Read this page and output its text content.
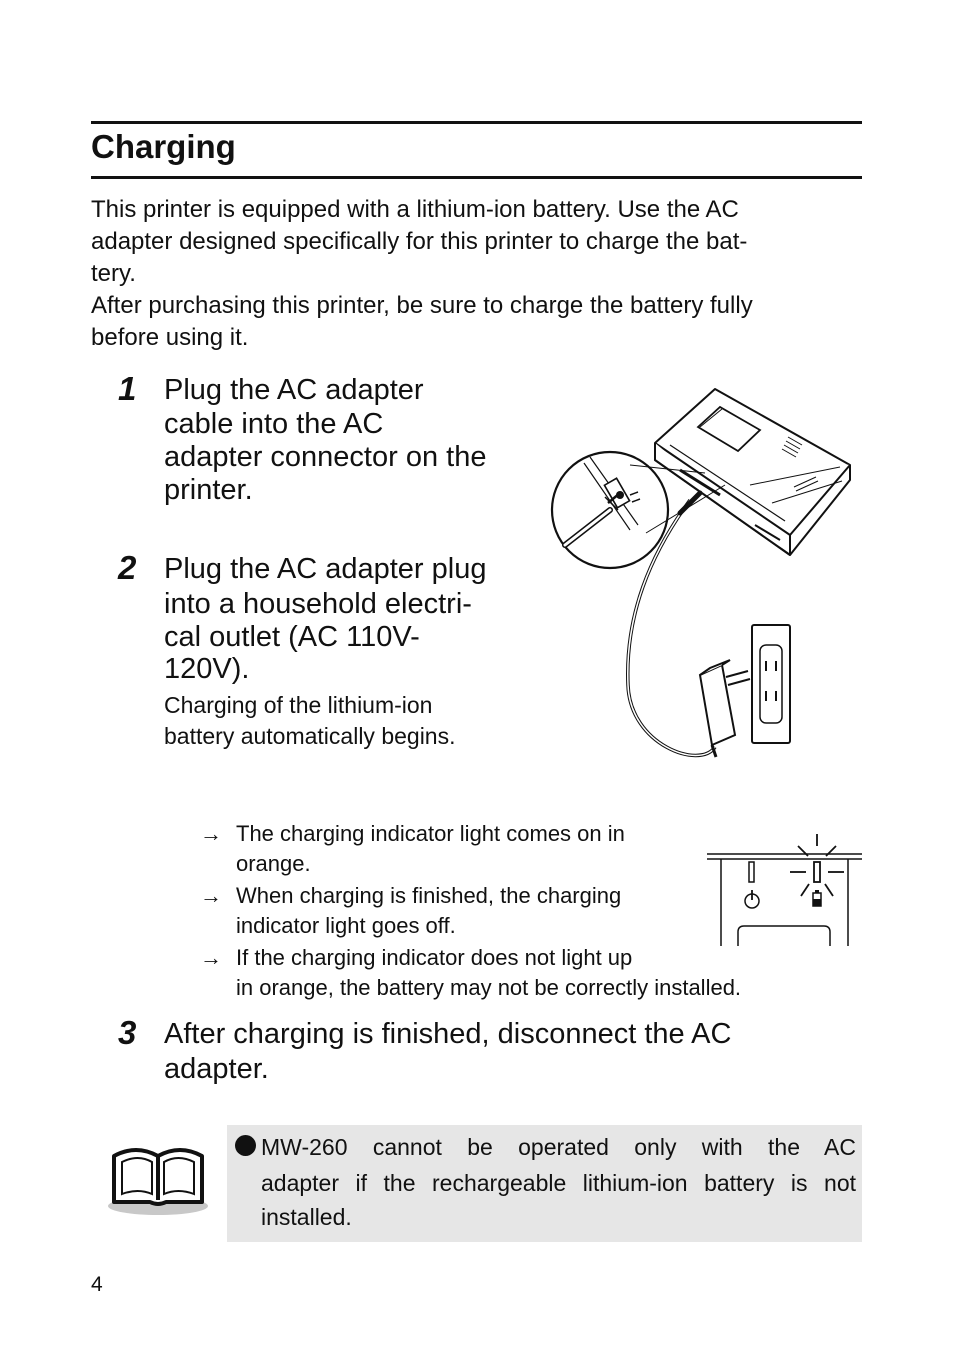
Charging

This printer is equipped with a lithium-ion battery. Use the AC

adapter designed specifically for this printer to charge the bat-

tery.

After purchasing this printer, be sure to charge the battery fully

before using it.

1 Plug the AC adapter

cable into the AC

adapter connector on the

printer.

2 Plug the AC adapter plug

into a household electri-

cal outlet (AC 110V-

120V).

Charging of the lithium-ion

battery automatically begins.

→ The charging indicator light comes on in
orange.
→ When charging is finished, the charging
indicator light goes off.
→ If the charging indicator does not light up
in orange, the battery may not be correctly installed.
3 After charging is finished, disconnect the AC

adapter.

MW-260 cannot be operated only with the AC

adapter if the rechargeable lithium-ion battery is not

installed.

4
